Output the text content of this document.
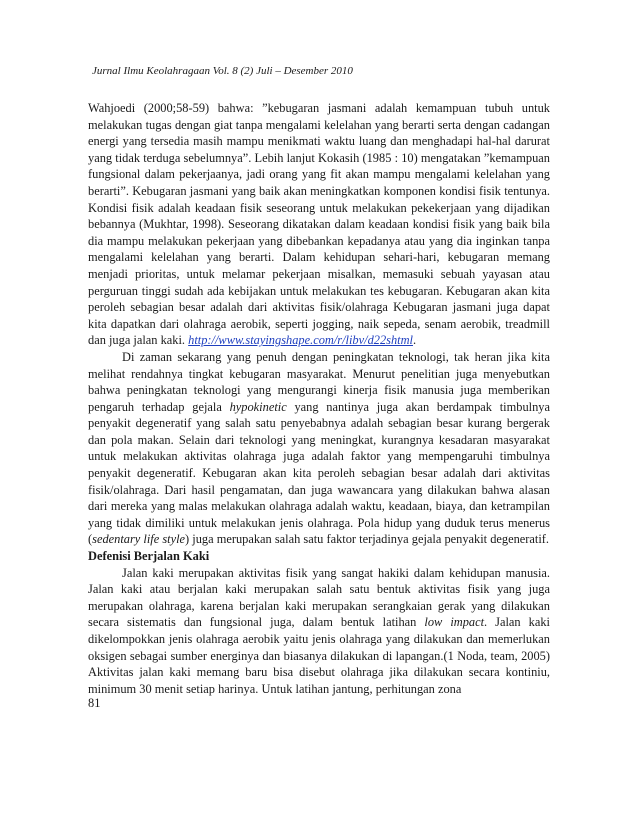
Jurnal Ilmu Keolahragaan Vol. 8 (2) Juli – Desember 2010

Wahjoedi (2000;58-59) bahwa: ”kebugaran jasmani adalah kemampuan tubuh untuk melakukan tugas dengan giat tanpa mengalami kelelahan yang berarti serta dengan cadangan energi yang tersedia masih mampu menikmati waktu luang dan menghadapi hal-hal darurat yang tidak terduga sebelumnya”. Lebih lanjut Kokasih (1985 : 10) mengatakan ”kemampuan fungsional dalam pekerjaanya, jadi orang yang fit akan mampu mengalami kelelahan yang berarti”. Kebugaran jasmani yang baik akan meningkatkan komponen kondisi fisik tentunya. Kondisi fisik adalah keadaan fisik seseorang untuk melakukan pekekerjaan yang dijadikan bebannya (Mukhtar, 1998). Seseorang dikatakan dalam keadaan kondisi fisik yang baik bila dia mampu melakukan pekerjaan yang dibebankan kepadanya atau yang dia inginkan tanpa mengalami kelelahan yang berarti. Dalam kehidupan sehari-hari, kebugaran memang menjadi prioritas, untuk melamar pekerjaan misalkan, memasuki sebuah yayasan atau perguruan tinggi sudah ada kebijakan untuk melakukan tes kebugaran. Kebugaran akan kita peroleh sebagian besar adalah dari aktivitas fisik/olahraga Kebugaran jasmani juga dapat kita dapatkan dari olahraga aerobik, seperti jogging, naik sepeda, senam aerobik, treadmill dan juga jalan kaki. http://www.stayingshape.com/r/libv/d22shtml.

Di zaman sekarang yang penuh dengan peningkatan teknologi, tak heran jika kita melihat rendahnya tingkat kebugaran masyarakat. Menurut penelitian juga menyebutkan bahwa peningkatan teknologi yang mengurangi kinerja fisik manusia juga memberikan pengaruh terhadap gejala hypokinetic yang nantinya juga akan berdampak timbulnya penyakit degeneratif yang salah satu penyebabnya adalah sebagian besar kurang bergerak dan pola makan. Selain dari teknologi yang meningkat, kurangnya kesadaran masyarakat untuk melakukan aktivitas olahraga juga adalah faktor yang mempengaruhi timbulnya penyakit degeneratif. Kebugaran akan kita peroleh sebagian besar adalah dari aktivitas fisik/olahraga. Dari hasil pengamatan, dan juga wawancara yang dilakukan bahwa alasan dari mereka yang malas melakukan olahraga adalah waktu, keadaan, biaya, dan ketrampilan yang tidak dimiliki untuk melakukan jenis olahraga. Pola hidup yang duduk terus menerus (sedentary life style) juga merupakan salah satu faktor terjadinya gejala penyakit degeneratif.

Defenisi Berjalan Kaki

Jalan kaki merupakan aktivitas fisik yang sangat hakiki dalam kehidupan manusia. Jalan kaki atau berjalan kaki merupakan salah satu bentuk aktivitas fisik yang juga merupakan olahraga, karena berjalan kaki merupakan serangkaian gerak yang dilakukan secara sistematis dan fungsional juga, dalam bentuk latihan low impact. Jalan kaki dikelompokkan jenis olahraga aerobik yaitu jenis olahraga yang dilakukan dan memerlukan oksigen sebagai sumber energinya dan biasanya dilakukan di lapangan.(1 Noda, team, 2005) Aktivitas jalan kaki memang baru bisa disebut olahraga jika dilakukan secara kontiniu, minimum 30 menit setiap harinya. Untuk latihan jantung, perhitungan zona

81
